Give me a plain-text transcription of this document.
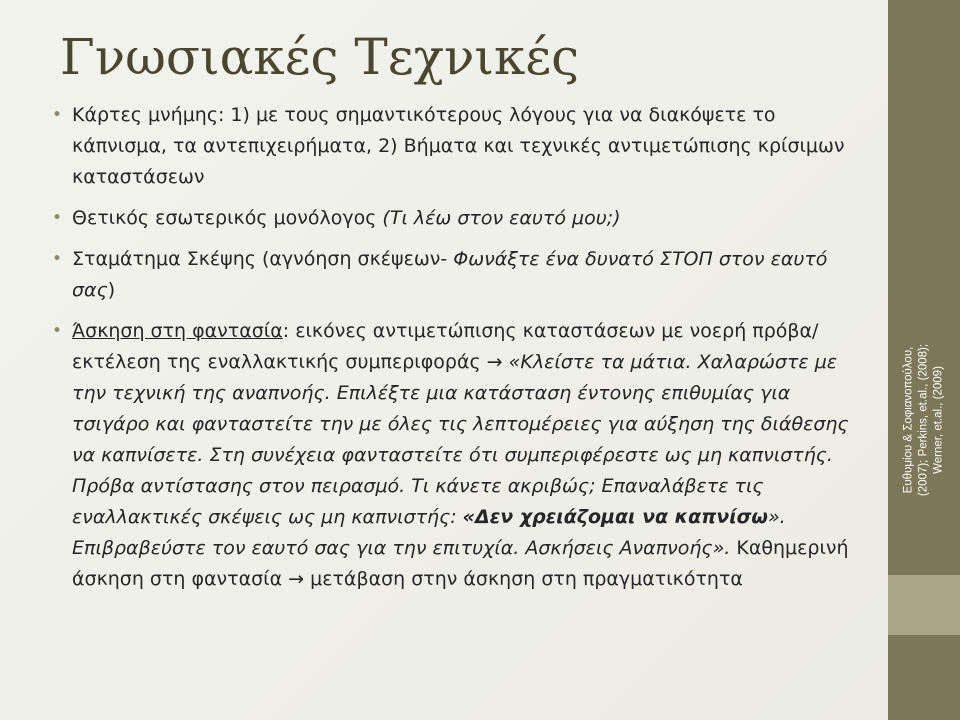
Ευθυμίου & Σοφιανοπούλου,
(2007); Perkins, et.al., (2008);
Werner, et.al., (2009)
Γνωσιακές Τεχνικές
• Κάρτες μνήμης: 1) με τους σημαντικότερους λόγους για να διακόψετε το κάπνισμα, τα αντεπιχειρήματα, 2) Βήματα και τεχνικές αντιμετώπισης κρίσιμων καταστάσεων
• Θετικός εσωτερικός μονόλογος (Τι λέω στον εαυτό μου;)
• Σταμάτημα Σκέψης (αγνόηση σκέψεων- Φωνάξτε ένα δυνατό ΣΤΟΠ στον εαυτό σας)
• Άσκηση στη φαντασία: εικόνες αντιμετώπισης καταστάσεων με νοερή πρόβα/εκτέλεση της εναλλακτικής συμπεριφοράς → «Κλείστε τα μάτια. Χαλαρώστε με την τεχνική της αναπνοής. Επιλέξτε μια κατάσταση έντονης επιθυμίας για τσιγάρο και φανταστείτε την με όλες τις λεπτομέρειες για αύξηση της διάθεσης να καπνίσετε. Στη συνέχεια φανταστείτε ότι συμπεριφέρεστε ως μη καπνιστής. Πρόβα αντίστασης στον πειρασμό. Τι κάνετε ακριβώς; Επαναλάβετε τις εναλλακτικές σκέψεις ως μη καπνιστής: «Δεν χρειάζομαι να καπνίσω». Επιβραβεύστε τον εαυτό σας για την επιτυχία. Ασκήσεις Αναπνοής». Καθημερινή άσκηση στη φαντασία → μετάβαση στην άσκηση στη πραγματικότητα
